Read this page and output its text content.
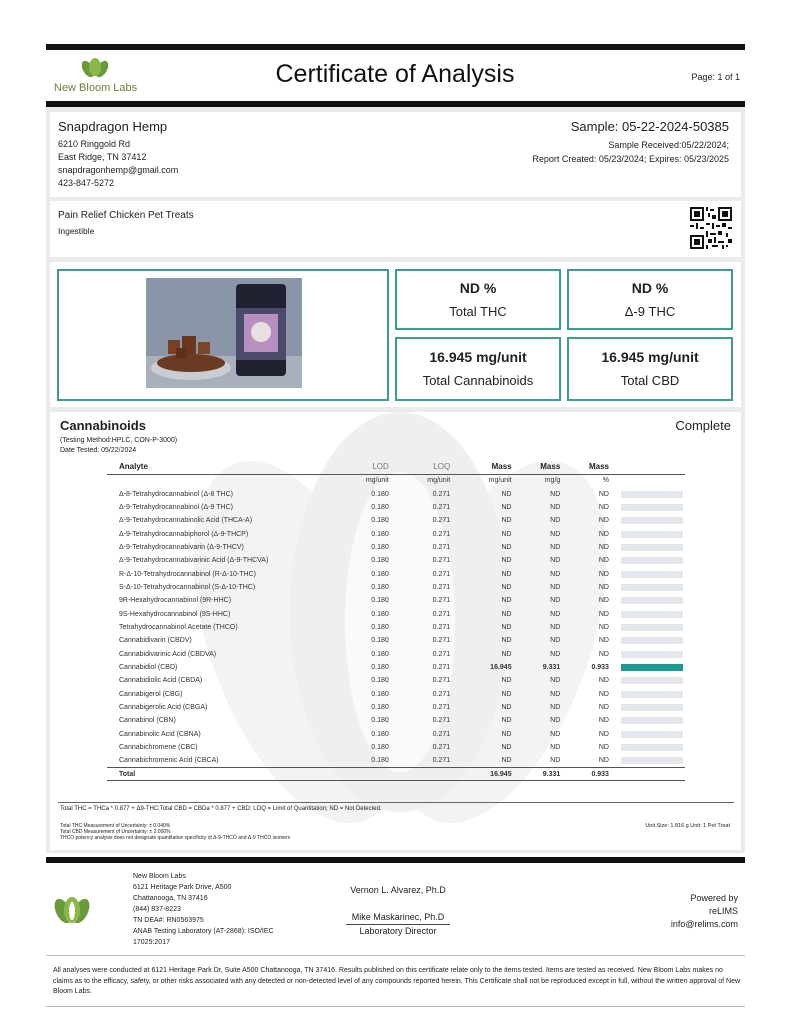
New Bloom Labs	Certificate of Analysis	Page: 1 of 1
Snapdragon Hemp
6210 Ringgold Rd
East Ridge, TN 37412
snapdragonhemp@gmail.com
423-847-5272
Sample: 05-22-2024-50385
Sample Received:05/22/2024;
Report Created: 05/23/2024; Expires: 05/23/2025
Pain Relief Chicken Pet Treats
Ingestible
ND %
Total THC
ND %
Δ-9 THC
16.945 mg/unit
Total Cannabinoids
16.945 mg/unit
Total CBD
Cannabinoids	Complete
(Testing Method:HPLC, CON-P-3000)
Date Tested: 05/22/2024
Analyte	LOD	LOQ	Mass	Mass	Mass	
	mg/unit	mg/unit	mg/unit	mg/g	%	
Δ-8-Tetrahydrocannabinol (Δ-8 THC)	0.180	0.271	ND	ND	ND	

Δ-9-Tetrahydrocannabinol (Δ-9 THC)	0.180	0.271	ND	ND	ND	

Δ-9-Tetrahydrocannabinolic Acid (THCA-A)	0.180	0.271	ND	ND	ND	

Δ-9-Tetrahydrocannabiphorol (Δ-9-THCP)	0.180	0.271	ND	ND	ND	

Δ-9-Tetrahydrocannabivarin (Δ-9-THCV)	0.180	0.271	ND	ND	ND	

Δ-9-Tetrahydrocannabivarinic Acid (Δ-9-THCVA)	0.180	0.271	ND	ND	ND	

R-Δ-10-Tetrahydrocannabinol (R-Δ-10-THC)	0.180	0.271	ND	ND	ND	

S-Δ-10-Tetrahydrocannabinol (S-Δ-10-THC)	0.180	0.271	ND	ND	ND	

9R-Hexahydrocannabinol (9R-HHC)	0.180	0.271	ND	ND	ND	

9S-Hexahydrocannabinol (9S-HHC)	0.180	0.271	ND	ND	ND	

Tetrahydrocannabinol Acetate (THCO)	0.180	0.271	ND	ND	ND	

Cannabidivarin (CBDV)	0.180	0.271	ND	ND	ND	

Cannabidivarinic Acid (CBDVA)	0.180	0.271	ND	ND	ND	

Cannabidiol (CBD)	0.180	0.271	16.945	9.331	0.933	

Cannabidiolic Acid (CBDA)	0.180	0.271	ND	ND	ND	

Cannabigerol (CBG)	0.180	0.271	ND	ND	ND	

Cannabigerolic Acid (CBGA)	0.180	0.271	ND	ND	ND	

Cannabinol (CBN)	0.180	0.271	ND	ND	ND	

Cannabinolic Acid (CBNA)	0.180	0.271	ND	ND	ND	

Cannabichromene (CBC)	0.180	0.271	ND	ND	ND	

Cannabichromenic Acid (CBCA)	0.180	0.271	ND	ND	ND	

Total			16.945	9.331	0.933	
Total THC = THCa * 0.877 + Δ9-THC;Total CBD = CBDa * 0.877 + CBD; LOQ = Limit of Quantitation; ND = Not Detected.
Total THC Measurement of Uncertainty: ± 0.040%
Total CBD Measurement of Uncertainty: ± 2.000%
THCO potency analysis does not designate quantitative specificity of Δ-9-THCO and Δ-9 THCO isomers
Unit Size: 1.816 g Unit: 1 Pet Treat
New Bloom Labs
6121 Heritage Park Drive, A500
Chattanooga, TN 37416
(844) 837-8223
TN DEA#: RN0563975
ANAB Testing Laboratory (AT-2868): ISO/IEC
17025:2017
Vernon L. Alvarez, Ph.D
Mike Maskarinec, Ph.D
Laboratory Director
Powered by
reLIMS
info@relims.com
All analyses were conducted at 6121 Heritage Park Dr, Suite A500 Chattanooga, TN 37416. Results published on this certificate relate only to the items tested. Items are tested as received. New Bloom Labs makes no claims as to the efficacy, safety, or other risks associated with any detected or non-detected level of any compounds reported herein. This Certificate shall not be reproduced except in full, without the written approval of New Bloom Labs.
